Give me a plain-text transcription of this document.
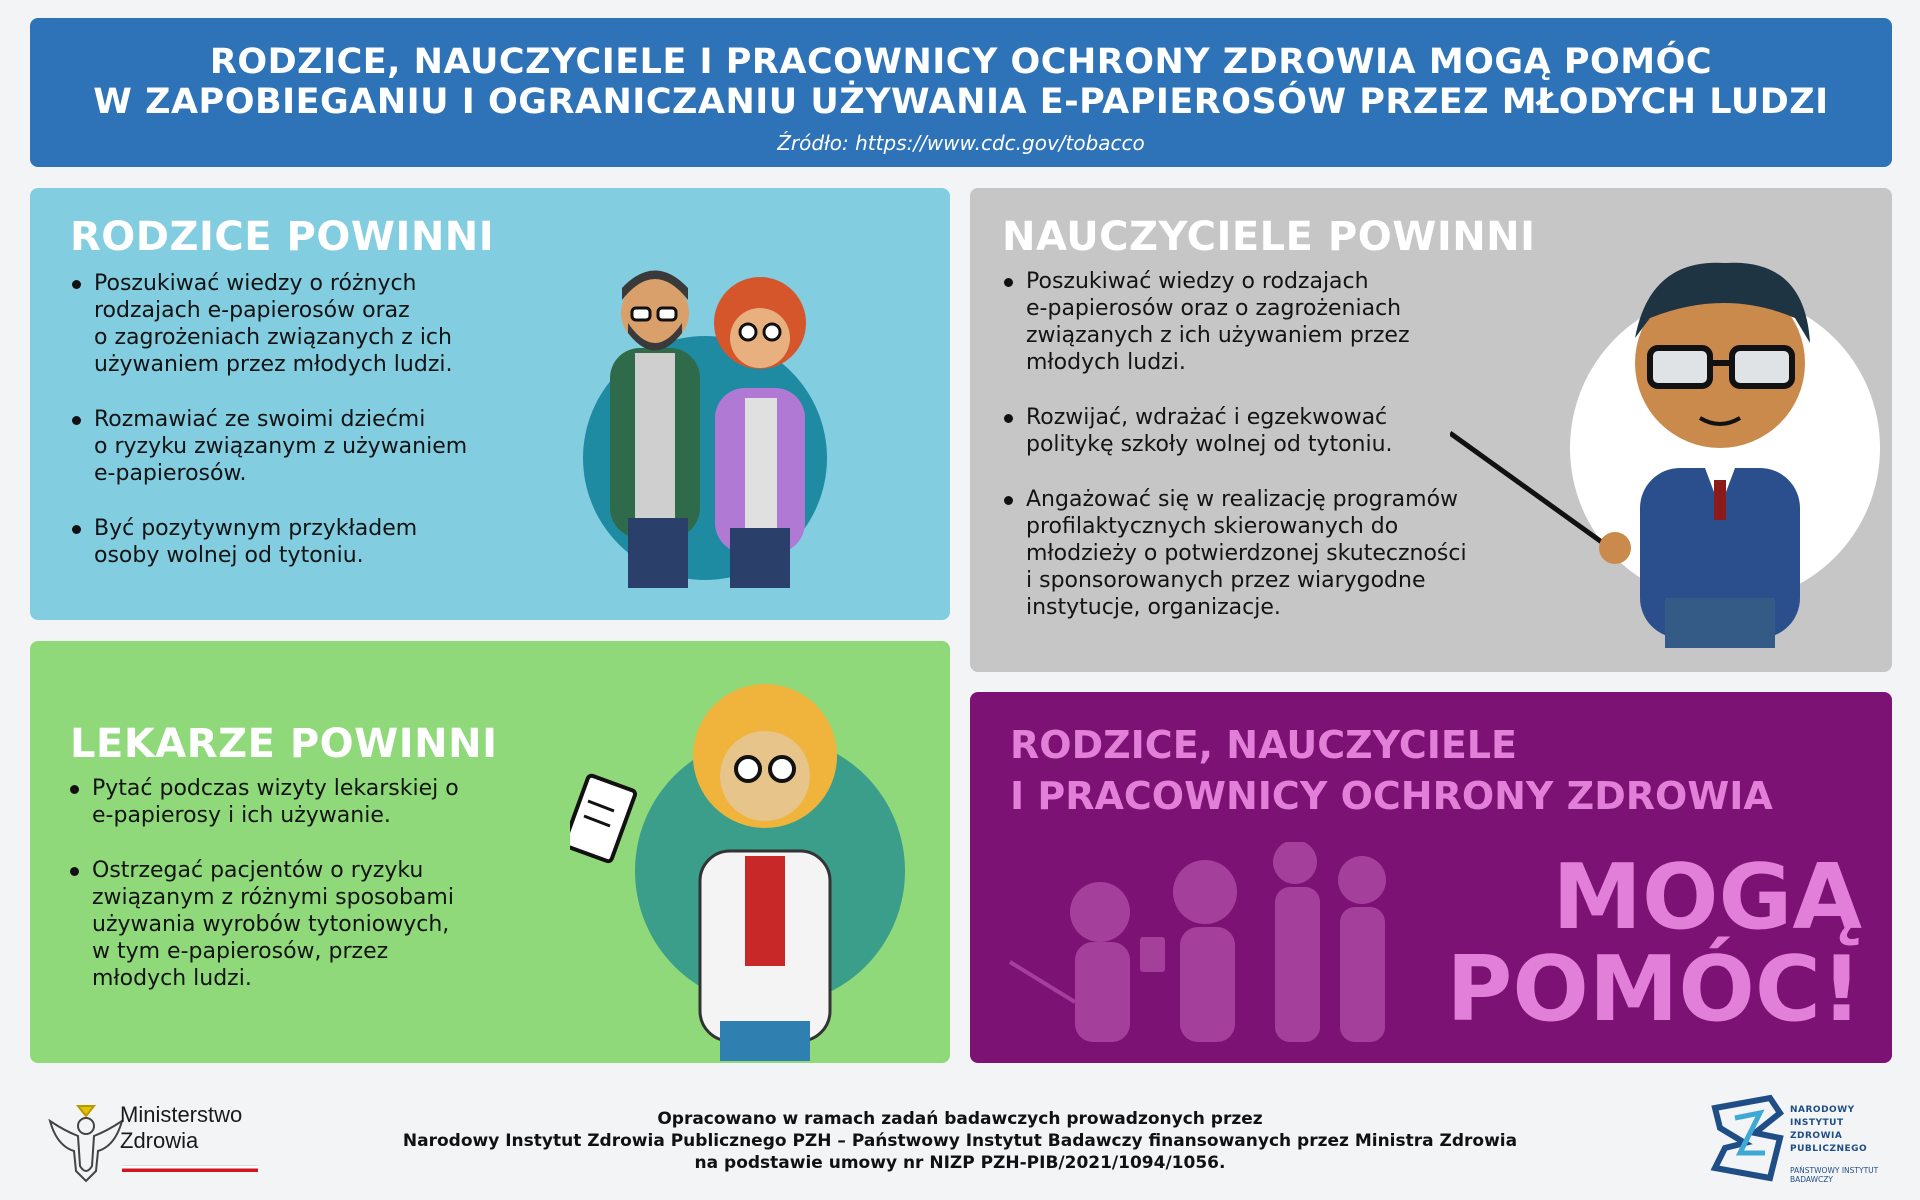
RODZICE, NAUCZYCIELE I PRACOWNICY OCHRONY ZDROWIA MOGĄ POMÓC
W ZAPOBIEGANIU I OGRANICZANIU UŻYWANIA E-PAPIEROSÓW PRZEZ MŁODYCH LUDZI
Źródło: https://www.cdc.gov/tobacco
RODZICE POWINNI
Poszukiwać wiedzy o różnych
rodzajach e-papierosów oraz
o zagrożeniach związanych z ich
używaniem przez młodych ludzi.
Rozmawiać ze swoimi dziećmi
o ryzyku związanym z używaniem
e-papierosów.
Być pozytywnym przykładem
osoby wolnej od tytoniu.
NAUCZYCIELE POWINNI
Poszukiwać wiedzy o rodzajach
e-papierosów oraz o zagrożeniach
związanych z ich używaniem przez
młodych ludzi.
Rozwijać, wdrażać i egzekwować
politykę szkoły wolnej od tytoniu.
Angażować się w realizację programów
profilaktycznych skierowanych do
młodzieży o potwierdzonej skuteczności
i sponsorowanych przez wiarygodne
instytucje, organizacje.
LEKARZE POWINNI
Pytać podczas wizyty lekarskiej o
e-papierosy i ich używanie.
Ostrzegać pacjentów o ryzyku
związanym z różnymi sposobami
używania wyrobów tytoniowych,
w tym e-papierosów, przez
młodych ludzi.
RODZICE, NAUCZYCIELE
I PRACOWNICY OCHRONY ZDROWIA
MOGĄ
POMÓC!
Ministerstwo
Zdrowia
Opracowano w ramach zadań badawczych prowadzonych przez
Narodowy Instytut Zdrowia Publicznego PZH – Państwowy Instytut Badawczy finansowanych przez Ministra Zdrowia
na podstawie umowy nr NIZP PZH-PIB/2021/1094/1056.
NARODOWY
INSTYTUT
ZDROWIA
PUBLICZNEGO
PAŃSTWOWY INSTYTUT
BADAWCZY
